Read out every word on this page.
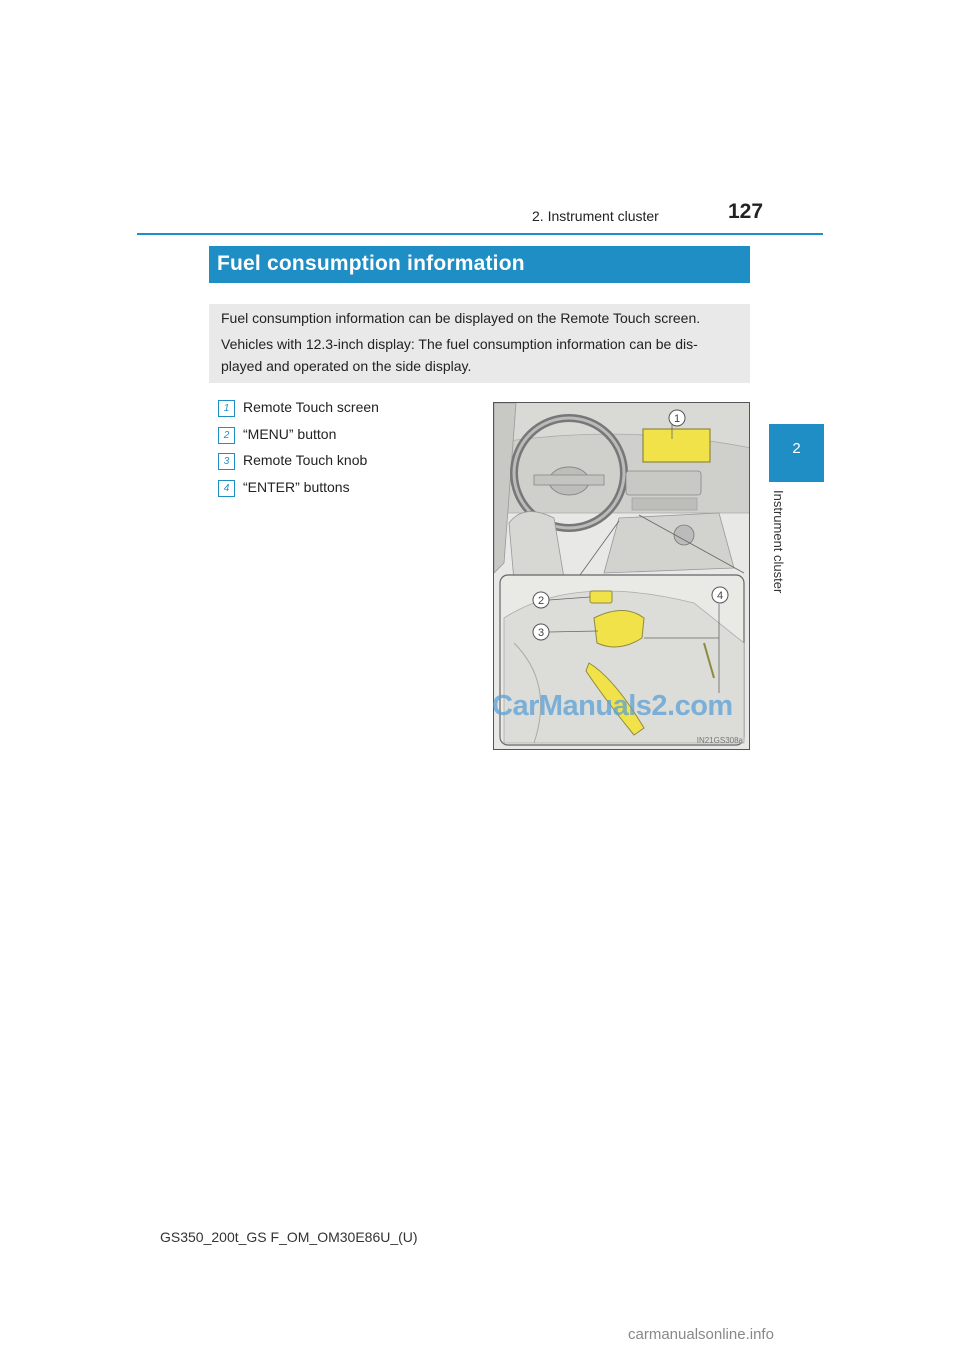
2. Instrument cluster	127
2
Instrument cluster
Fuel consumption information

Fuel consumption information can be displayed on the Remote Touch screen.

Vehicles with 12.3-inch display: The fuel consumption information can be dis-

played and operated on the side display.

1 Remote Touch screen
2 “MENU” button
3 Remote Touch knob
4 “ENTER” buttons
1
2
3
4
IN21GS308a
CarManuals2.com
GS350_200t_GS F_OM_OM30E86U_(U)
carmanualsonline.info
